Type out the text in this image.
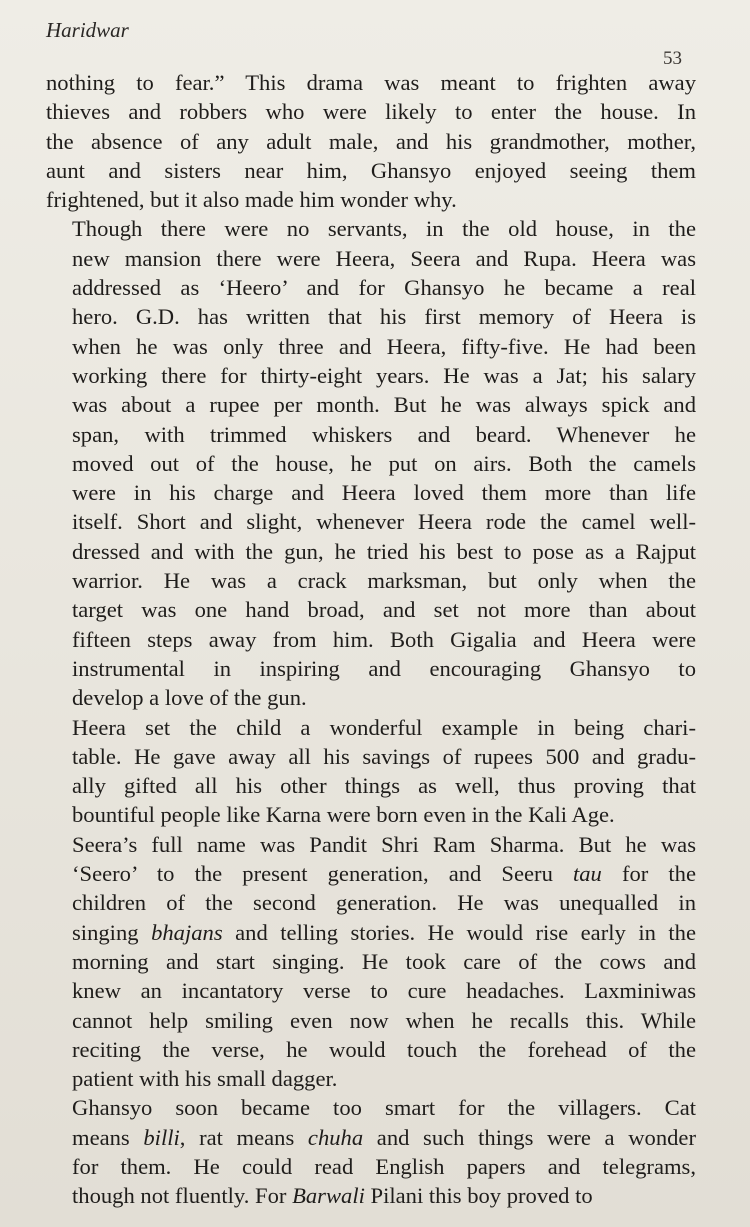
Haridwar
53

nothing to fear.” This drama was meant to frighten away
thieves and robbers who were likely to enter the house. In
the absence of any adult male, and his grandmother, mother,
aunt and sisters near him, Ghansyo enjoyed seeing them
frightened, but it also made him wonder why.

Though there were no servants, in the old house, in the
new mansion there were Heera, Seera and Rupa. Heera was
addressed as ‘Heero’ and for Ghansyo he became a real
hero. G.D. has written that his first memory of Heera is
when he was only three and Heera, fifty-five. He had been
working there for thirty-eight years. He was a Jat; his salary
was about a rupee per month. But he was always spick and
span, with trimmed whiskers and beard. Whenever he
moved out of the house, he put on airs. Both the camels
were in his charge and Heera loved them more than life
itself. Short and slight, whenever Heera rode the camel well-
dressed and with the gun, he tried his best to pose as a Rajput
warrior. He was a crack marksman, but only when the
target was one hand broad, and set not more than about
fifteen steps away from him. Both Gigalia and Heera were
instrumental in inspiring and encouraging Ghansyo to
develop a love of the gun.

Heera set the child a wonderful example in being chari-
table. He gave away all his savings of rupees 500 and gradu-
ally gifted all his other things as well, thus proving that
bountiful people like Karna were born even in the Kali Age.

Seera’s full name was Pandit Shri Ram Sharma. But he was
‘Seero’ to the present generation, and Seeru tau for the
children of the second generation. He was unequalled in
singing bhajans and telling stories. He would rise early in the
morning and start singing. He took care of the cows and
knew an incantatory verse to cure headaches. Laxminiwas
cannot help smiling even now when he recalls this. While
reciting the verse, he would touch the forehead of the
patient with his small dagger.

Ghansyo soon became too smart for the villagers. Cat
means billi, rat means chuha and such things were a wonder
for them. He could read English papers and telegrams,
though not fluently. For Barwali Pilani this boy proved to
